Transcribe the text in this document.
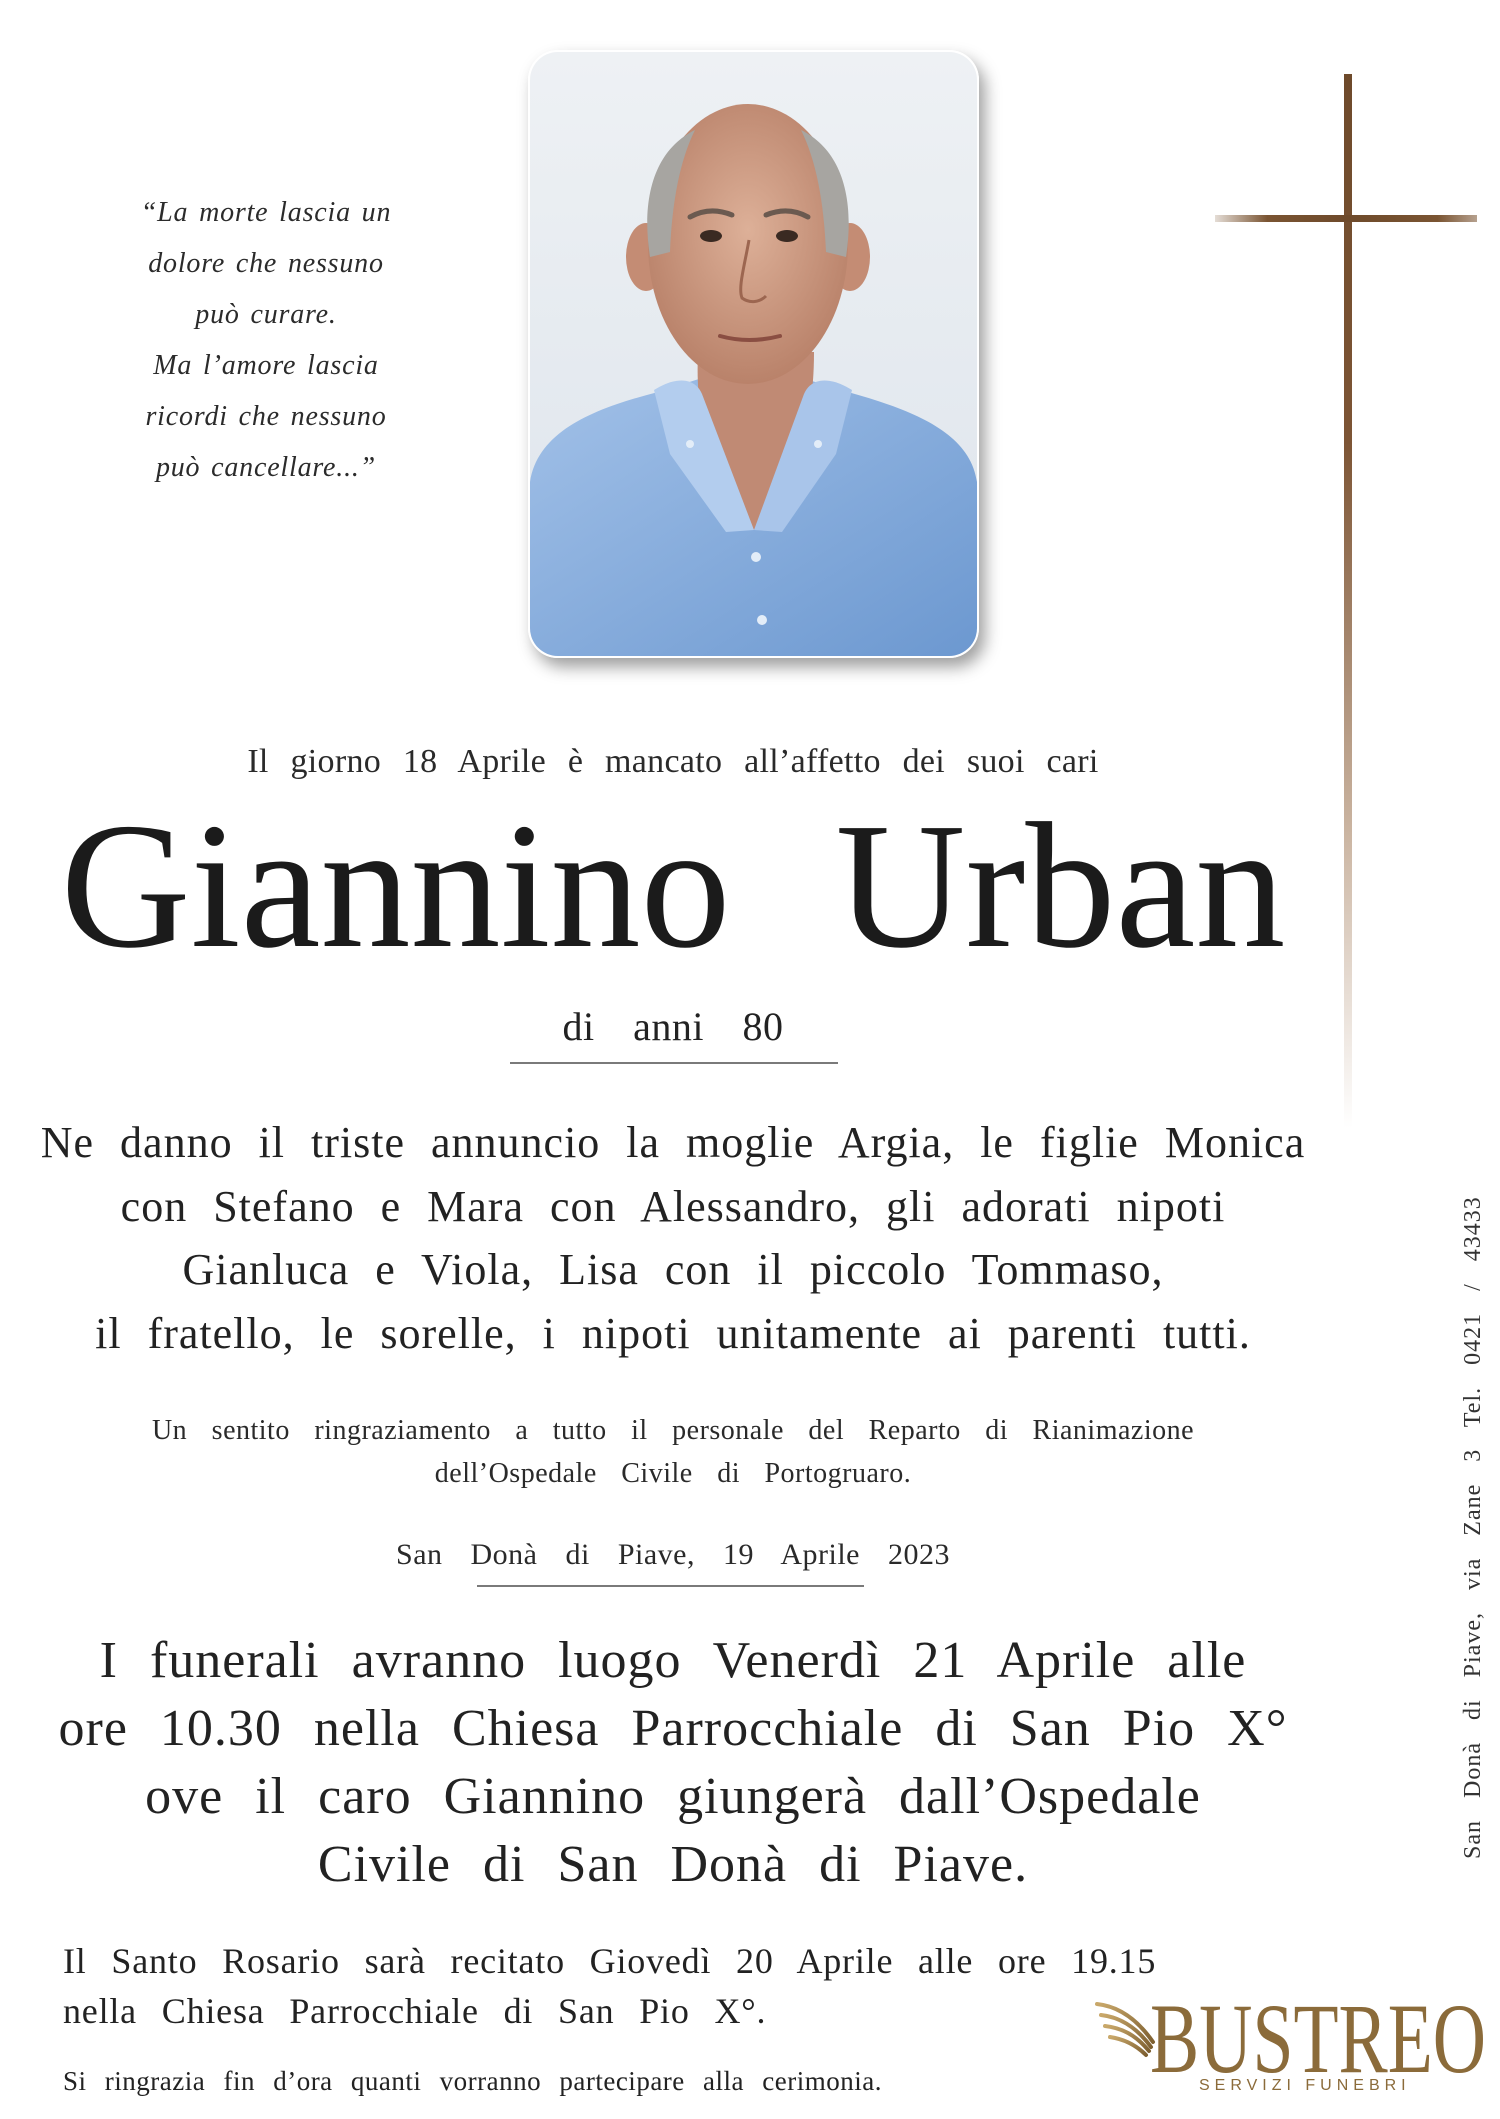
“La morte lascia un
dolore che nessuno
può curare.
Ma l’amore lascia
ricordi che nessuno
può cancellare...”
Il giorno 18 Aprile è mancato all’affetto dei suoi cari
Giannino Urban
di anni 80
Ne danno il triste annuncio la moglie Argia, le figlie Monica
con Stefano e Mara con Alessandro, gli adorati nipoti
Gianluca e Viola, Lisa con il piccolo Tommaso,
il fratello, le sorelle, i nipoti unitamente ai parenti tutti.
Un sentito ringraziamento a tutto il personale del Reparto di Rianimazione
dell’Ospedale Civile di Portogruaro.
San Donà di Piave, 19 Aprile 2023
I funerali avranno luogo Venerdì 21 Aprile alle
ore 10.30 nella Chiesa Parrocchiale di San Pio X°
ove il caro Giannino giungerà dall’Ospedale
Civile di San Donà di Piave.
Il Santo Rosario sarà recitato Giovedì 20 Aprile alle ore 19.15
nella Chiesa Parrocchiale di San Pio X°.
Si ringrazia fin d’ora quanti vorranno partecipare alla cerimonia.
San Donà di Piave, via Zane 3 Tel. 0421 / 43433
BUSTREO
SERVIZI FUNEBRI
